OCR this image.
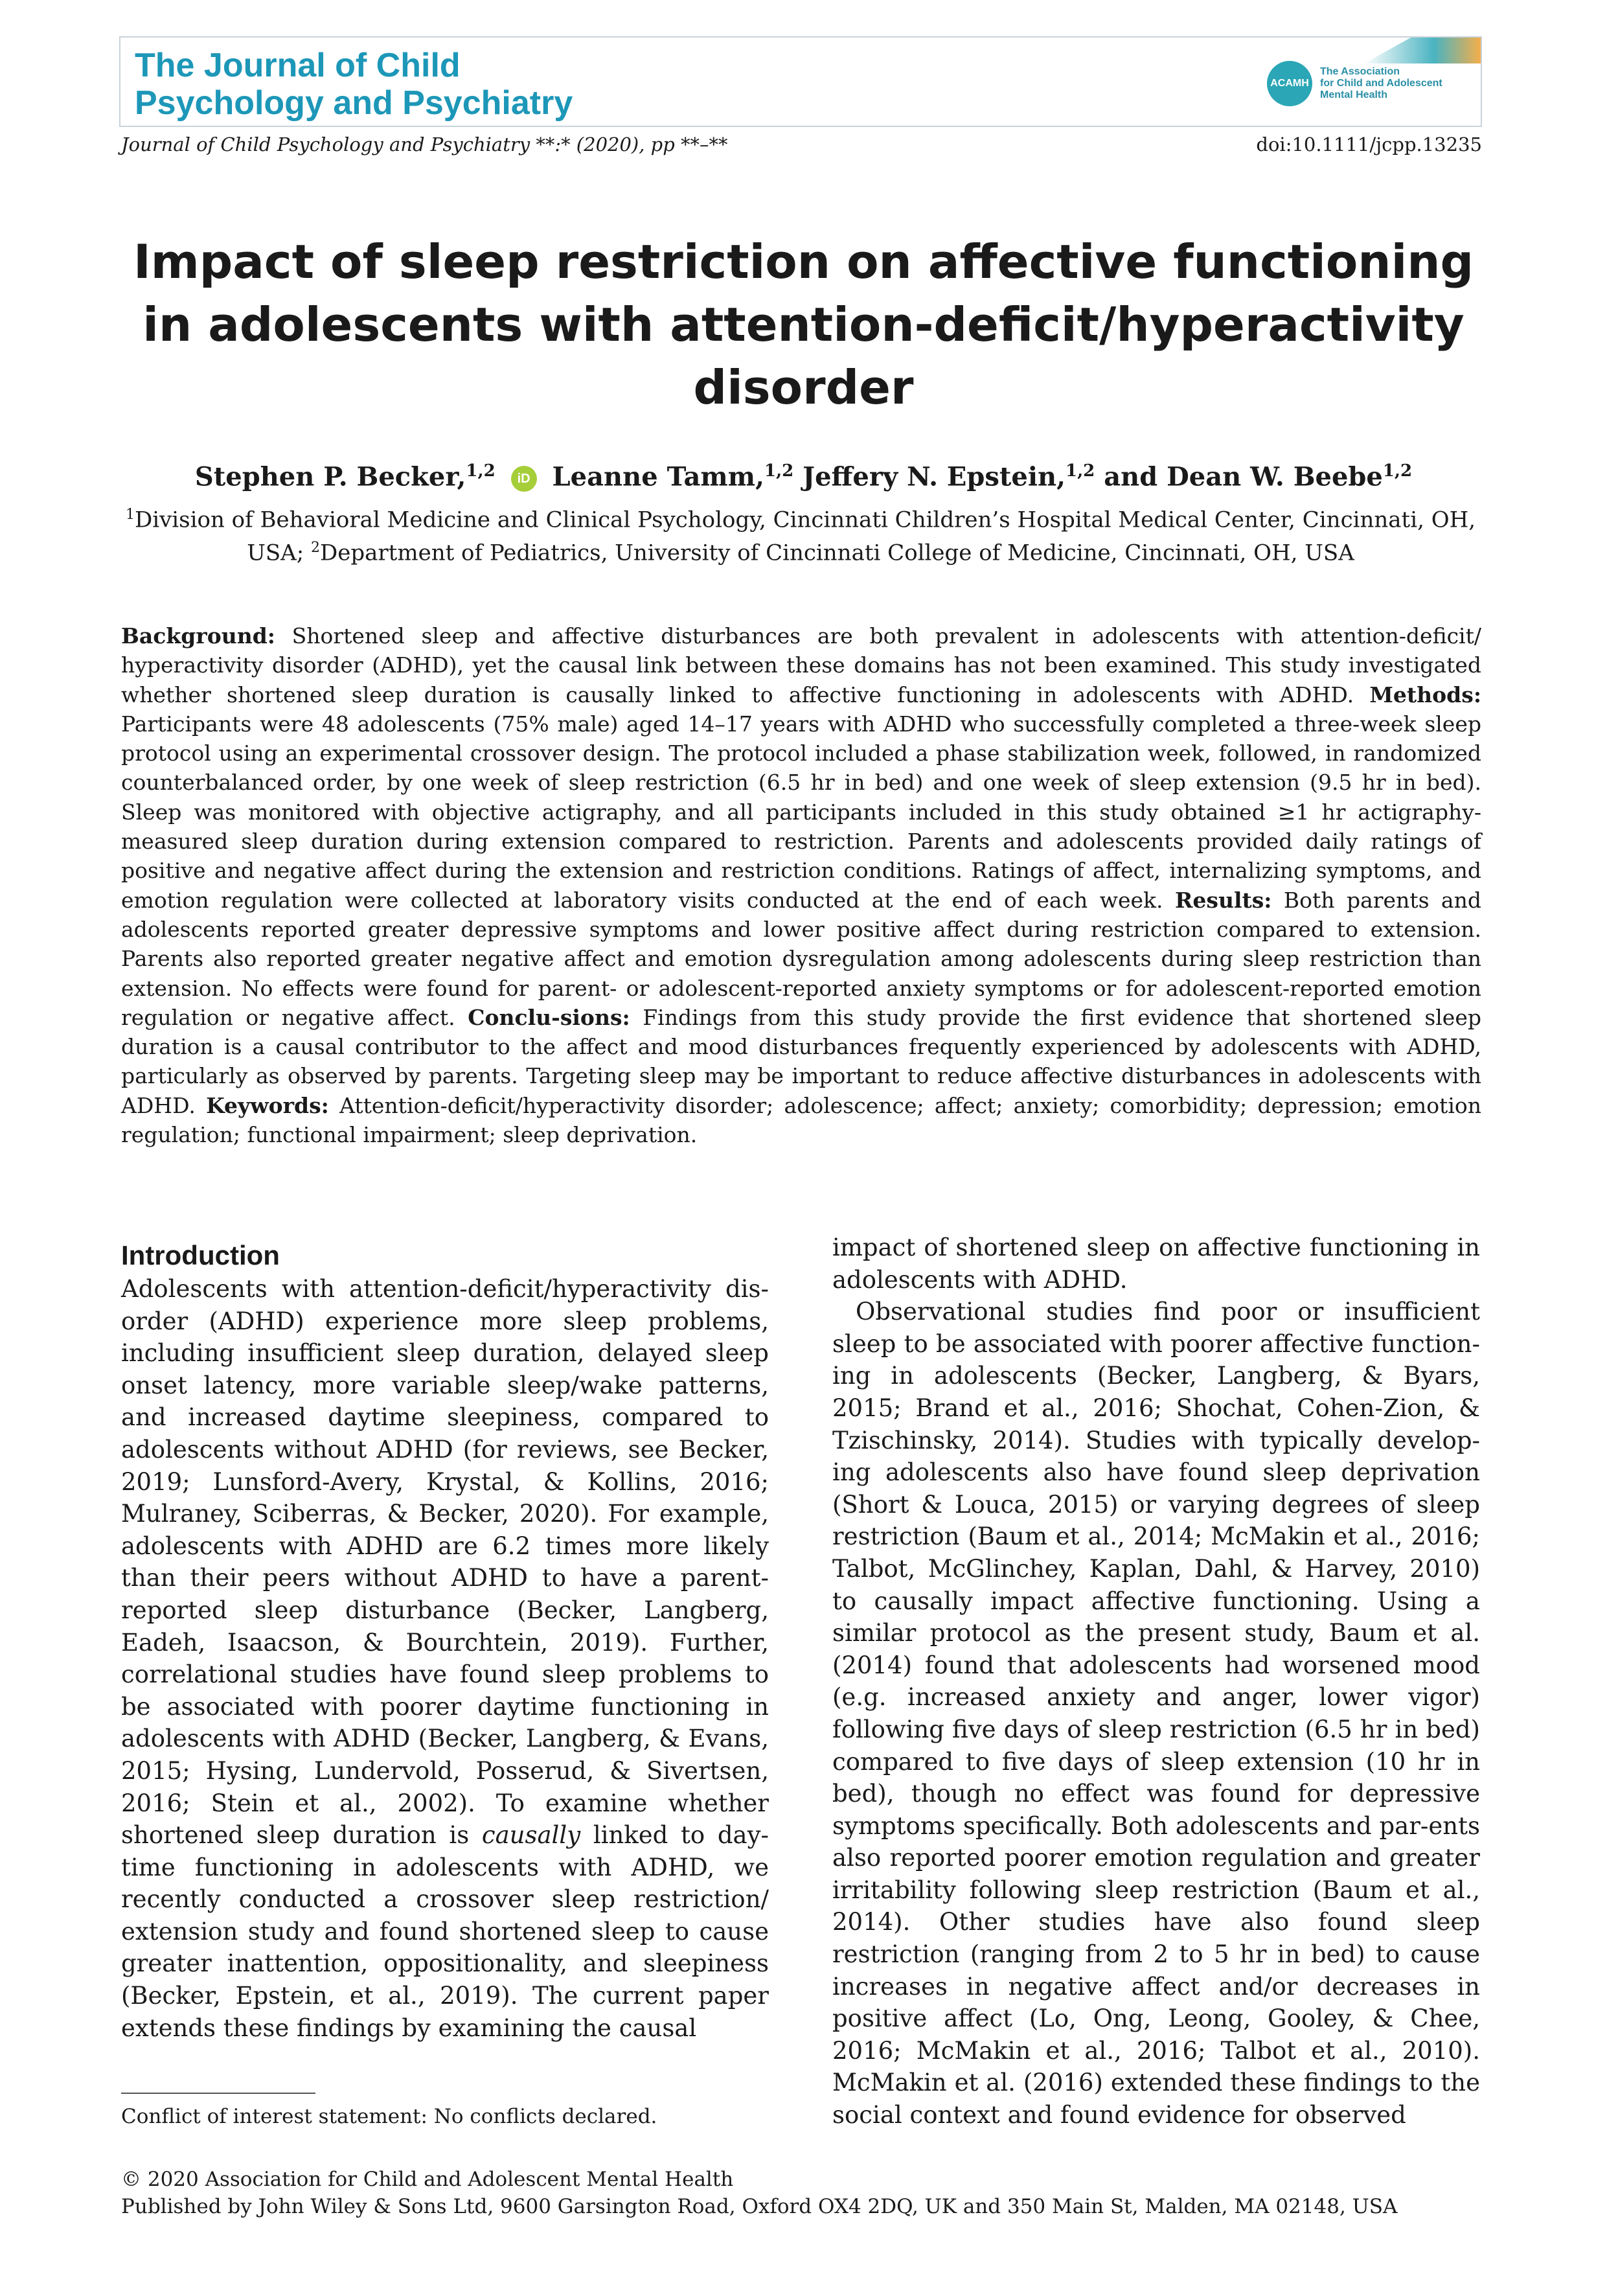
The Journal of Child
Psychology and Psychiatry
ACAMH
The Association
for Child and Adolescent
Mental Health
Journal of Child Psychology and Psychiatry **:* (2020), pp **–**	doi:10.1111/jcpp.13235
Impact of sleep restriction on affective functioning in adolescents with attention-deficit/hyperactivity disorder
Stephen P. Becker,$^{1,2}$ iD Leanne Tamm,$^{1,2}$ Jeffery N. Epstein,$^{1,2}$ and Dean W. Beebe$^{1,2}$
$^1$Division of Behavioral Medicine and Clinical Psychology, Cincinnati Children’s Hospital Medical Center, Cincinnati, OH, USA; $^2$Department of Pediatrics, University of Cincinnati College of Medicine, Cincinnati, OH, USA

Background: Shortened sleep and affective disturbances are both prevalent in adolescents with attention-deficit/ hyperactivity disorder (ADHD), yet the causal link between these domains has not been examined. This study investigated whether shortened sleep duration is causally linked to affective functioning in adolescents with ADHD. Methods: Participants were 48 adolescents (75% male) aged 14–17 years with ADHD who successfully completed a three-week sleep protocol using an experimental crossover design. The protocol included a phase stabilization week, followed, in randomized counterbalanced order, by one week of sleep restriction (6.5 hr in bed) and one week of sleep extension (9.5 hr in bed). Sleep was monitored with objective actigraphy, and all participants included in this study obtained ≥1 hr actigraphy-measured sleep duration during extension compared to restriction. Parents and adolescents provided daily ratings of positive and negative affect during the extension and restriction conditions. Ratings of affect, internalizing symptoms, and emotion regulation were collected at laboratory visits conducted at the end of each week. Results: Both parents and adolescents reported greater depressive symptoms and lower positive affect during restriction compared to extension. Parents also reported greater negative affect and emotion dysregulation among adolescents during sleep restriction than extension. No effects were found for parent- or adolescent-reported anxiety symptoms or for adolescent-reported emotion regulation or negative affect. Conclu-sions: Findings from this study provide the first evidence that shortened sleep duration is a causal contributor to the affect and mood disturbances frequently experienced by adolescents with ADHD, particularly as observed by parents. Targeting sleep may be important to reduce affective disturbances in adolescents with ADHD. Keywords: Attention-deficit/hyperactivity disorder; adolescence; affect; anxiety; comorbidity; depression; emotion regulation; functional impairment; sleep deprivation.

Introduction

Adolescents with attention-deficit/hyperactivity dis-order (ADHD) experience more sleep problems, including insufficient sleep duration, delayed sleep onset latency, more variable sleep/wake patterns, and increased daytime sleepiness, compared to adolescents without ADHD (for reviews, see Becker, 2019; Lunsford-Avery, Krystal, & Kollins, 2016; Mulraney, Sciberras, & Becker, 2020). For example, adolescents with ADHD are 6.2 times more likely than their peers without ADHD to have a parent-reported sleep disturbance (Becker, Langberg, Eadeh, Isaacson, & Bourchtein, 2019). Further, correlational studies have found sleep problems to be associated with poorer daytime functioning in adolescents with ADHD (Becker, Langberg, & Evans, 2015; Hysing, Lundervold, Posserud, & Sivertsen, 2016; Stein et al., 2002). To examine whether shortened sleep duration is causally linked to day-time functioning in adolescents with ADHD, we recently conducted a crossover sleep restriction/ extension study and found shortened sleep to cause greater inattention, oppositionality, and sleepiness (Becker, Epstein, et al., 2019). The current paper extends these findings by examining the causal

impact of shortened sleep on affective functioning in adolescents with ADHD.

Observational studies find poor or insufficient sleep to be associated with poorer affective function-ing in adolescents (Becker, Langberg, & Byars, 2015; Brand et al., 2016; Shochat, Cohen-Zion, & Tzischinsky, 2014). Studies with typically develop-ing adolescents also have found sleep deprivation (Short & Louca, 2015) or varying degrees of sleep restriction (Baum et al., 2014; McMakin et al., 2016; Talbot, McGlinchey, Kaplan, Dahl, & Harvey, 2010) to causally impact affective functioning. Using a similar protocol as the present study, Baum et al. (2014) found that adolescents had worsened mood (e.g. increased anxiety and anger, lower vigor) following five days of sleep restriction (6.5 hr in bed) compared to five days of sleep extension (10 hr in bed), though no effect was found for depressive symptoms specifically. Both adolescents and par-ents also reported poorer emotion regulation and greater irritability following sleep restriction (Baum et al., 2014). Other studies have also found sleep restriction (ranging from 2 to 5 hr in bed) to cause increases in negative affect and/or decreases in positive affect (Lo, Ong, Leong, Gooley, & Chee, 2016; McMakin et al., 2016; Talbot et al., 2010). McMakin et al. (2016) extended these findings to the social context and found evidence for observed

Conflict of interest statement: No conflicts declared.
© 2020 Association for Child and Adolescent Mental Health
Published by John Wiley & Sons Ltd, 9600 Garsington Road, Oxford OX4 2DQ, UK and 350 Main St, Malden, MA 02148, USA
